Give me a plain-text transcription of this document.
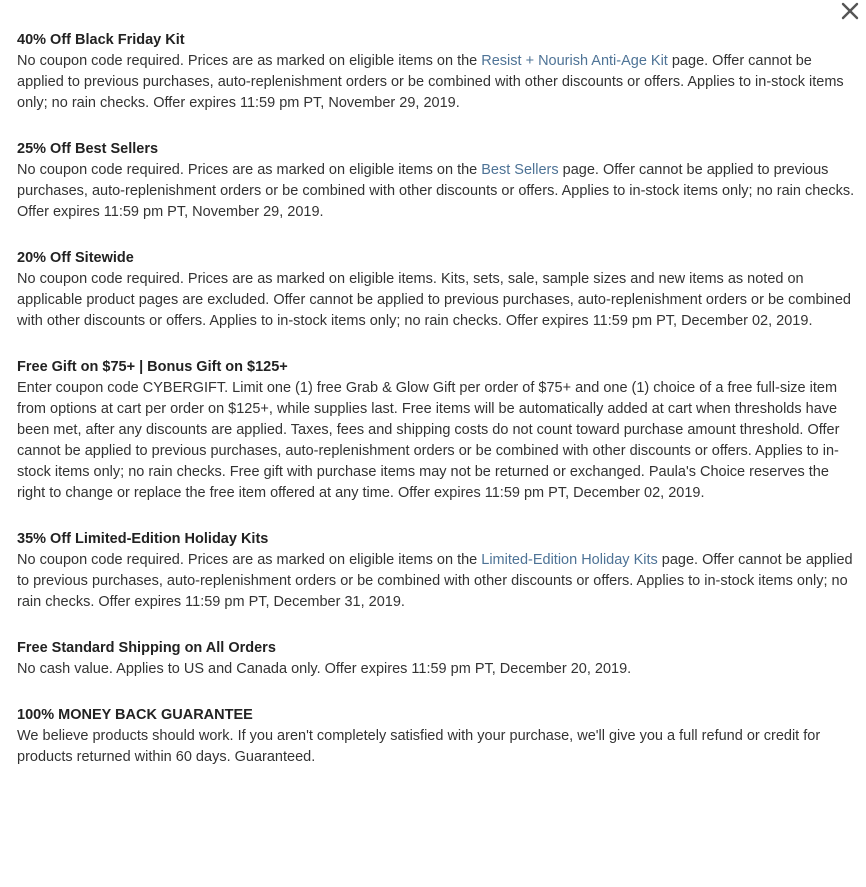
40% Off Black Friday Kit
No coupon code required. Prices are as marked on eligible items on the Resist + Nourish Anti-Age Kit page. Offer cannot be applied to previous purchases, auto-replenishment orders or be combined with other discounts or offers. Applies to in-stock items only; no rain checks. Offer expires 11:59 pm PT, November 29, 2019.
25% Off Best Sellers
No coupon code required. Prices are as marked on eligible items on the Best Sellers page. Offer cannot be applied to previous purchases, auto-replenishment orders or be combined with other discounts or offers. Applies to in-stock items only; no rain checks. Offer expires 11:59 pm PT, November 29, 2019.
20% Off Sitewide
No coupon code required. Prices are as marked on eligible items. Kits, sets, sale, sample sizes and new items as noted on applicable product pages are excluded. Offer cannot be applied to previous purchases, auto-replenishment orders or be combined with other discounts or offers. Applies to in-stock items only; no rain checks. Offer expires 11:59 pm PT, December 02, 2019.
Free Gift on $75+ | Bonus Gift on $125+
Enter coupon code CYBERGIFT. Limit one (1) free Grab & Glow Gift per order of $75+ and one (1) choice of a free full-size item from options at cart per order on $125+, while supplies last. Free items will be automatically added at cart when thresholds have been met, after any discounts are applied. Taxes, fees and shipping costs do not count toward purchase amount threshold. Offer cannot be applied to previous purchases, auto-replenishment orders or be combined with other discounts or offers. Applies to in-stock items only; no rain checks. Free gift with purchase items may not be returned or exchanged. Paula's Choice reserves the right to change or replace the free item offered at any time. Offer expires 11:59 pm PT, December 02, 2019.
35% Off Limited-Edition Holiday Kits
No coupon code required. Prices are as marked on eligible items on the Limited-Edition Holiday Kits page. Offer cannot be applied to previous purchases, auto-replenishment orders or be combined with other discounts or offers. Applies to in-stock items only; no rain checks. Offer expires 11:59 pm PT, December 31, 2019.
Free Standard Shipping on All Orders
No cash value. Applies to US and Canada only. Offer expires 11:59 pm PT, December 20, 2019.
100% MONEY BACK GUARANTEE
We believe products should work. If you aren't completely satisfied with your purchase, we'll give you a full refund or credit for products returned within 60 days. Guaranteed.
